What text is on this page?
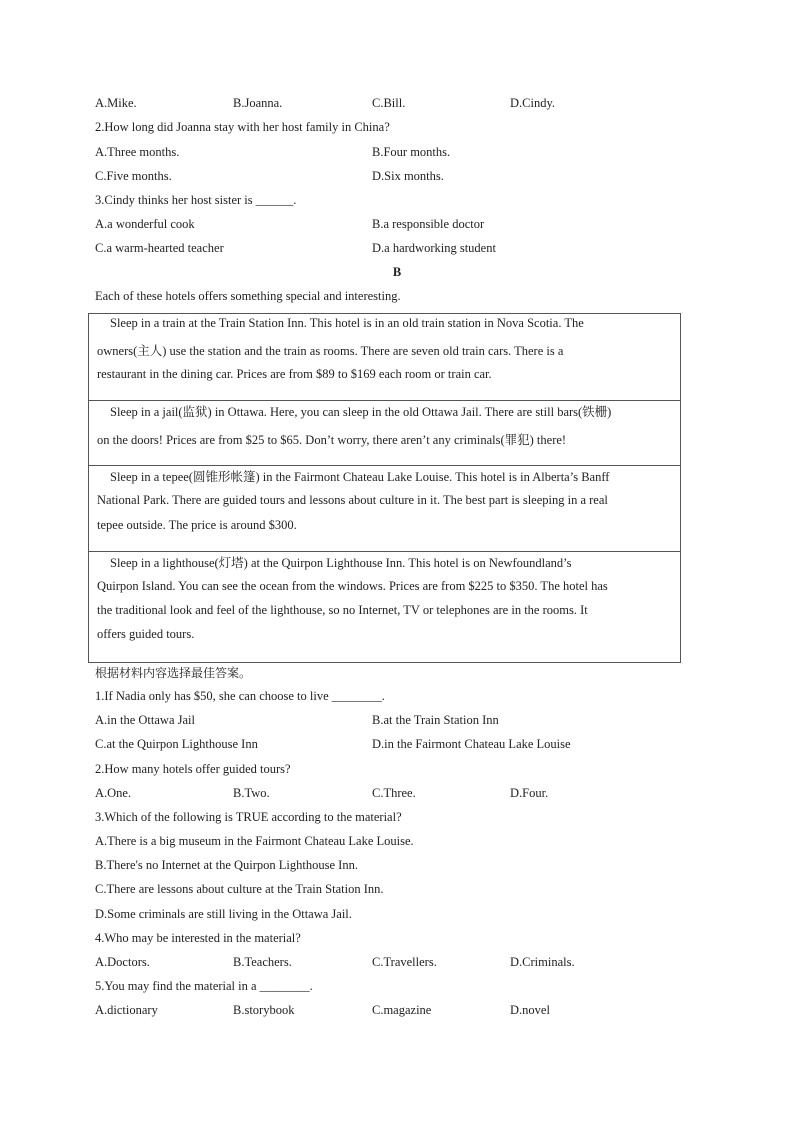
A.Mike.	B.Joanna.	C.Bill.	D.Cindy.
2.How long did Joanna stay with her host family in China?
A.Three months.	B.Four months.
C.Five months.	D.Six months.
3.Cindy thinks her host sister is ______.
A.a wonderful cook	B.a responsible doctor
C.a warm-hearted teacher	D.a hardworking student
B
Each of these hotels offers something special and interesting.
Sleep in a train at the Train Station Inn. This hotel is in an old train station in Nova Scotia. The
owners(主人) use the station and the train as rooms. There are seven old train cars. There is a
restaurant in the dining car. Prices are from $89 to $169 each room or train car.
Sleep in a jail(监狱) in Ottawa. Here, you can sleep in the old Ottawa Jail. There are still bars(铁栅)
on the doors! Prices are from $25 to $65. Don’t worry, there aren’t any criminals(罪犯) there!
Sleep in a tepee(圆锥形帐篷) in the Fairmont Chateau Lake Louise. This hotel is in Alberta’s Banff
National Park. There are guided tours and lessons about culture in it. The best part is sleeping in a real
tepee outside. The price is around $300.
Sleep in a lighthouse(灯塔) at the Quirpon Lighthouse Inn. This hotel is on Newfoundland’s
Quirpon Island. You can see the ocean from the windows. Prices are from $225 to $350. The hotel has
the traditional look and feel of the lighthouse, so no Internet, TV or telephones are in the rooms. It
offers guided tours.
根据材料内容选择最佳答案。
1.If Nadia only has $50, she can choose to live ________.
A.in the Ottawa Jail	B.at the Train Station Inn
C.at the Quirpon Lighthouse Inn	D.in the Fairmont Chateau Lake Louise
2.How many hotels offer guided tours?
A.One.	B.Two.	C.Three.	D.Four.
3.Which of the following is TRUE according to the material?
A.There is a big museum in the Fairmont Chateau Lake Louise.
B.There's no Internet at the Quirpon Lighthouse Inn.
C.There are lessons about culture at the Train Station Inn.
D.Some criminals are still living in the Ottawa Jail.
4.Who may be interested in the material?
A.Doctors.	B.Teachers.	C.Travellers.	D.Criminals.
5.You may find the material in a ________.
A.dictionary	B.storybook	C.magazine	D.novel
